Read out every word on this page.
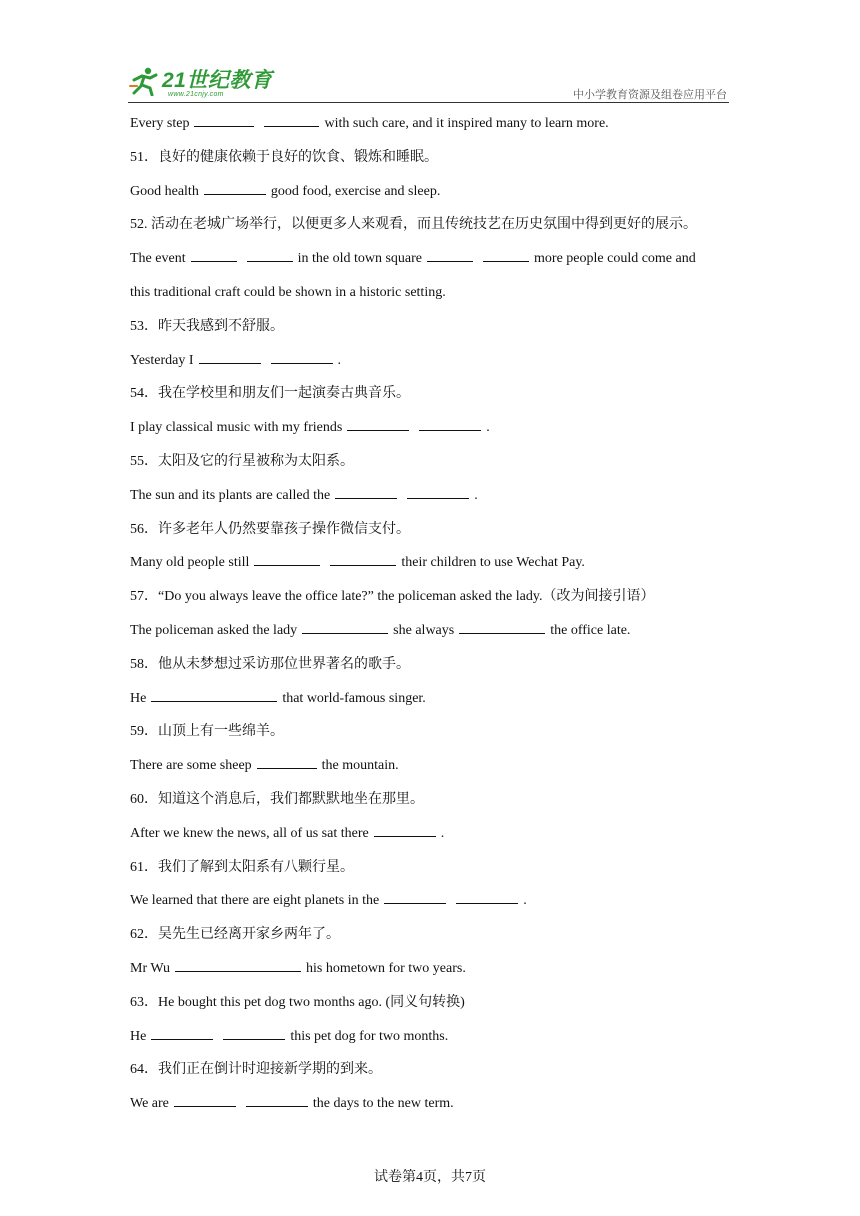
21世纪教育
www.21cnjy.com	中小学教育资源及组卷应用平台
Every step	with such care, and it inspired many to learn more.
51．良好的健康依赖于良好的饮食、锻炼和睡眠。
Good health	good food, exercise and sleep.
52. 活动在老城广场举行，以便更多人来观看，而且传统技艺在历史氛围中得到更好的展示。
The event	in the old town square	more people could come and
this traditional craft could be shown in a historic setting.
53．昨天我感到不舒服。
Yesterday I	.
54．我在学校里和朋友们一起演奏古典音乐。
I play classical music with my friends	.
55．太阳及它的行星被称为太阳系。
The sun and its plants are called the	.
56．许多老年人仍然要靠孩子操作微信支付。
Many old people still	their children to use Wechat Pay.
57．“Do you always leave the office late?” the policeman asked the lady.（改为间接引语）
The policeman asked the lady	she always	the office late.
58．他从未梦想过采访那位世界著名的歌手。
He	that world-famous singer.
59．山顶上有一些绵羊。
There are some sheep	the mountain.
60．知道这个消息后，我们都默默地坐在那里。
After we knew the news, all of us sat there	.
61．我们了解到太阳系有八颗行星。
We learned that there are eight planets in the	.
62．吴先生已经离开家乡两年了。
Mr Wu	his hometown for two years.
63．He bought this pet dog two months ago. (同义句转换)
He	this pet dog for two months.
64．我们正在倒计时迎接新学期的到来。
We are	the days to the new term.
试卷第4页，共7页
